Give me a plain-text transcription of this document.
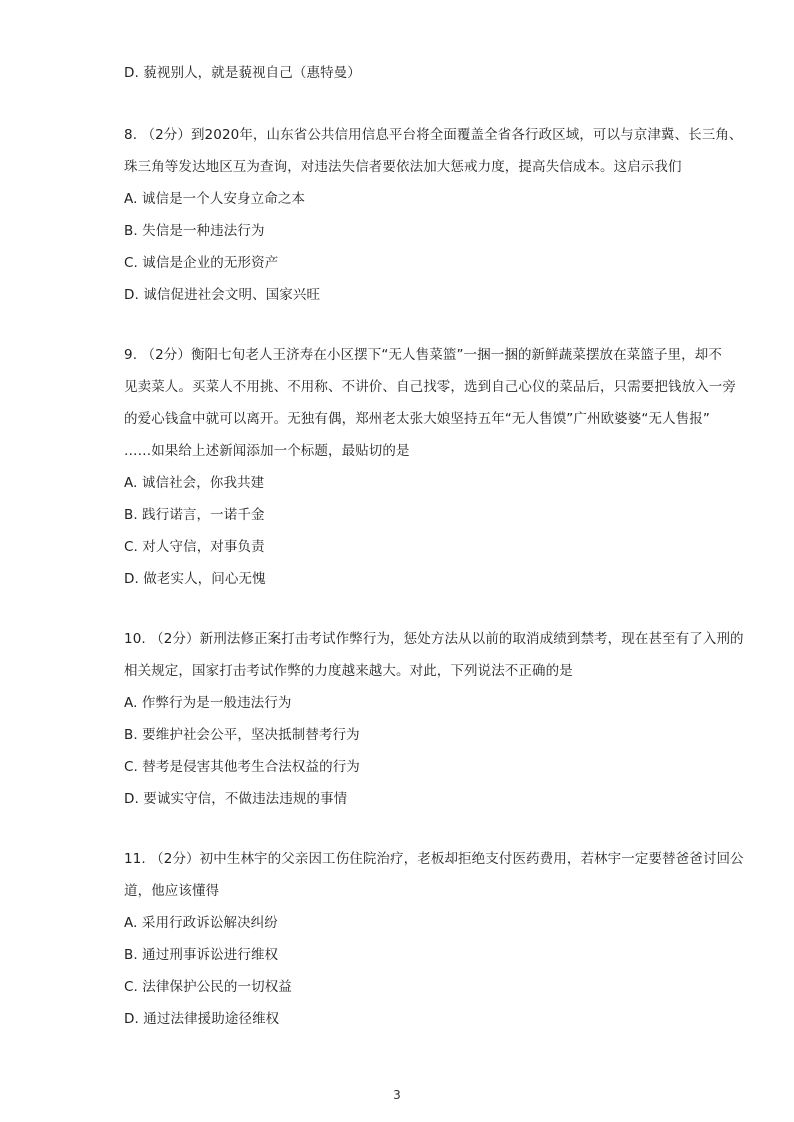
D. 藐视别人，就是藐视自己（惠特曼）
8. （2分）到2020年，山东省公共信用信息平台将全面覆盖全省各行政区域，可以与京津冀、长三角、
珠三角等发达地区互为查询，对违法失信者要依法加大惩戒力度，提高失信成本。这启示我们
A. 诚信是一个人安身立命之本
B. 失信是一种违法行为
C. 诚信是企业的无形资产
D. 诚信促进社会文明、国家兴旺
9. （2分）衡阳七旬老人王济寿在小区摆下“无人售菜篮”一捆一捆的新鲜蔬菜摆放在菜篮子里，却不
见卖菜人。买菜人不用挑、不用称、不讲价、自己找零，选到自己心仪的菜品后，只需要把钱放入一旁
的爱心钱盒中就可以离开。无独有偶，郑州老太张大娘坚持五年“无人售馍”广州欧婆婆“无人售报”
……如果给上述新闻添加一个标题，最贴切的是
A. 诚信社会，你我共建
B. 践行诺言，一诺千金
C. 对人守信，对事负责
D. 做老实人，问心无愧
10. （2分）新刑法修正案打击考试作弊行为，惩处方法从以前的取消成绩到禁考，现在甚至有了入刑的
相关规定，国家打击考试作弊的力度越来越大。对此，下列说法不正确的是
A. 作弊行为是一般违法行为
B. 要维护社会公平，坚决抵制替考行为
C. 替考是侵害其他考生合法权益的行为
D. 要诚实守信，不做违法违规的事情
11. （2分）初中生林宇的父亲因工伤住院治疗，老板却拒绝支付医药费用，若林宇一定要替爸爸讨回公
道，他应该懂得
A. 采用行政诉讼解决纠纷
B. 通过刑事诉讼进行维权
C. 法律保护公民的一切权益
D. 通过法律援助途径维权
3
